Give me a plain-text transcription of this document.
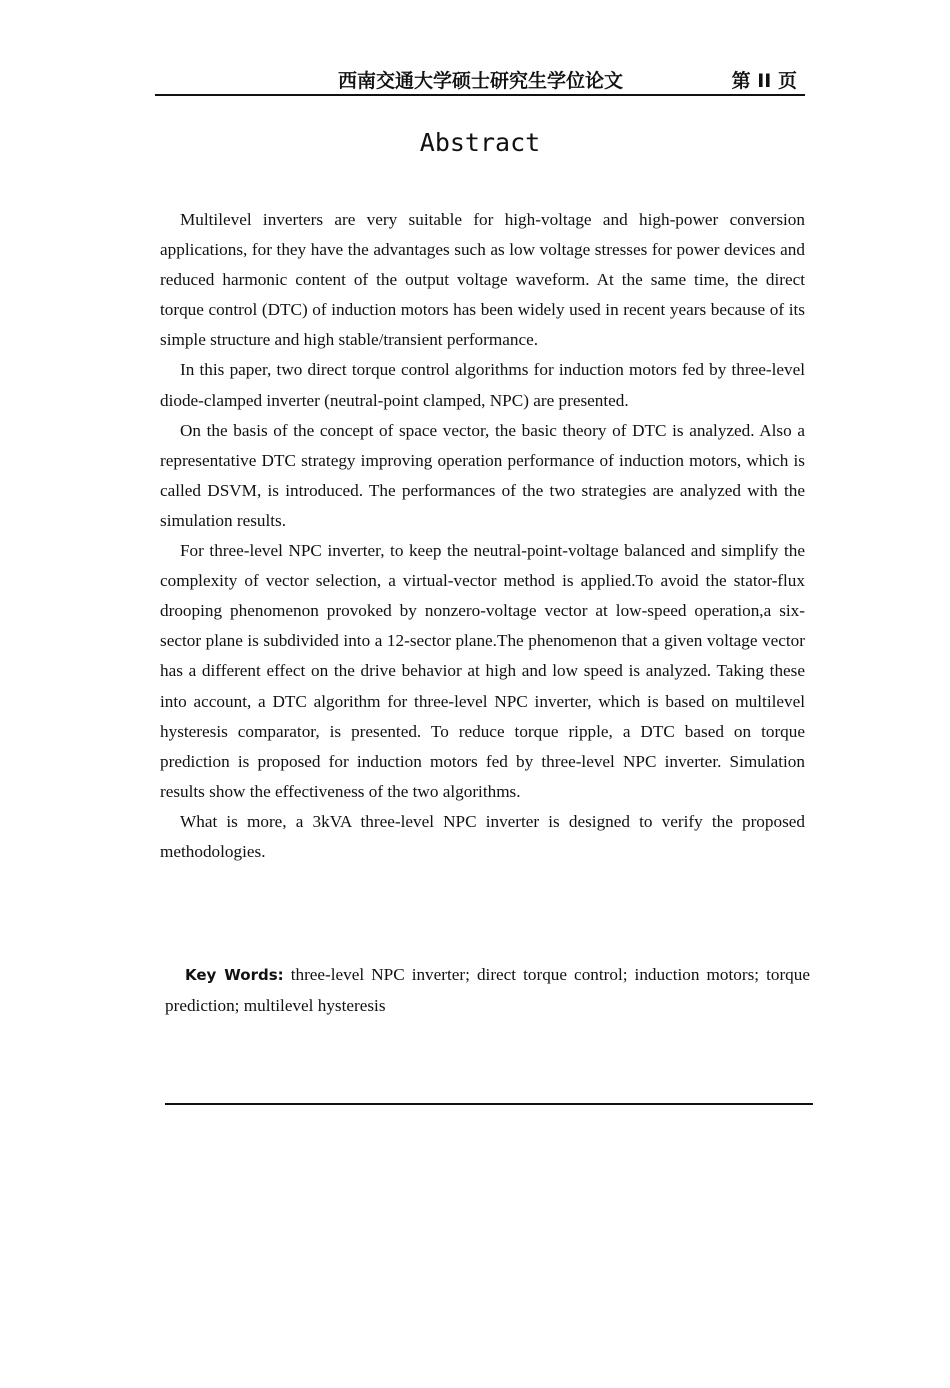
西南交通大学硕士研究生学位论文	第 II 页
Abstract

Multilevel inverters are very suitable for high-voltage and high-power conversion applications, for they have the advantages such as low voltage stresses for power devices and reduced harmonic content of the output voltage waveform. At the same time, the direct torque control (DTC) of induction motors has been widely used in recent years because of its simple structure and high stable/transient performance.

In this paper, two direct torque control algorithms for induction motors fed by three-level diode-clamped inverter (neutral-point clamped, NPC) are presented.

On the basis of the concept of space vector, the basic theory of DTC is analyzed. Also a representative DTC strategy improving operation performance of induction motors, which is called DSVM, is introduced. The performances of the two strategies are analyzed with the simulation results.

For three-level NPC inverter, to keep the neutral-point-voltage balanced and simplify the complexity of vector selection, a virtual-vector method is applied.To avoid the stator-flux drooping phenomenon provoked by nonzero-voltage vector at low-speed operation,a six-sector plane is subdivided into a 12-sector plane.The phenomenon that a given voltage vector has a different effect on the drive behavior at high and low speed is analyzed. Taking these into account, a DTC algorithm for three-level NPC inverter, which is based on multilevel hysteresis comparator, is presented. To reduce torque ripple, a DTC based on torque prediction is proposed for induction motors fed by three-level NPC inverter. Simulation results show the effectiveness of the two algorithms.

What is more, a 3kVA three-level NPC inverter is designed to verify the proposed methodologies.

Key Words: three-level NPC inverter; direct torque control; induction motors; torque prediction; multilevel hysteresis
